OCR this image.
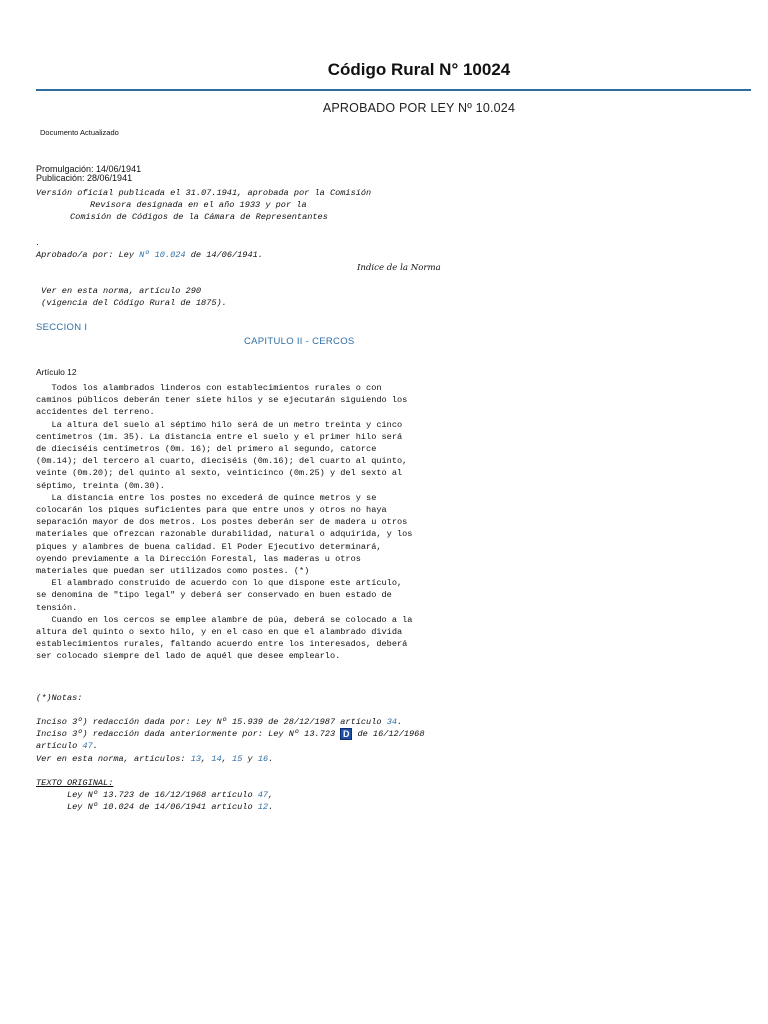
Código Rural N° 10024
APROBADO POR LEY Nº 10.024
Documento Actualizado
Promulgación: 14/06/1941
Publicación: 28/06/1941
Versión oficial publicada el 31.07.1941, aprobada por la Comisión
Revisora designada en el año 1933 y por la
Comisión de Códigos de la Cámara de Representantes
.
Aprobado/a por: Ley Nº 10.024 de 14/06/1941.
Indice de la Norma
Ver en esta norma, artículo 290
(vigencia del Código Rural de 1875).
SECCION I
CAPITULO II - CERCOS
Artículo 12
Todos los alambrados linderos con establecimientos rurales o con
caminos públicos deberán tener siete hilos y se ejecutarán siguiendo los
accidentes del terreno.
La altura del suelo al séptimo hilo será de un metro treinta y cinco
centímetros (1m. 35). La distancia entre el suelo y el primer hilo será
de dieciséis centímetros (0m. 16); del primero al segundo, catorce
(0m.14); del tercero al cuarto, dieciséis (0m.16); del cuarto al quinto,
veinte (0m.20); del quinto al sexto, veinticinco (0m.25) y del sexto al
séptimo, treinta (0m.30).
La distancia entre los postes no excederá de quince metros y se
colocarán los piques suficientes para que entre unos y otros no haya
separación mayor de dos metros. Los postes deberán ser de madera u otros
materiales que ofrezcan razonable durabilidad, natural o adquirida, y los
piques y alambres de buena calidad. El Poder Ejecutivo determinará,
oyendo previamente a la Dirección Forestal, las maderas u otros
materiales que puedan ser utilizados como postes. (*)
El alambrado construido de acuerdo con lo que dispone este artículo,
se denomina de "tipo legal" y deberá ser conservado en buen estado de
tensión.
Cuando en los cercos se emplee alambre de púa, deberá se colocado a la
altura del quinto o sexto hilo, y en el caso en que el alambrado divida
establecimientos rurales, faltando acuerdo entre los interesados, deberá
ser colocado siempre del lado de aquél que desee emplearlo.
(*)Notas:
Inciso 3º) redacción dada por: Ley Nº 15.939 de 28/12/1987 artículo 34.
Inciso 3º) redacción dada anteriormente por: Ley Nº 13.723 D de 16/12/1968
artículo 47.
Ver en esta norma, artículos: 13, 14, 15 y 16.
TEXTO ORIGINAL:
Ley Nº 13.723 de 16/12/1968 artículo 47,
Ley Nº 10.024 de 14/06/1941 artículo 12.
